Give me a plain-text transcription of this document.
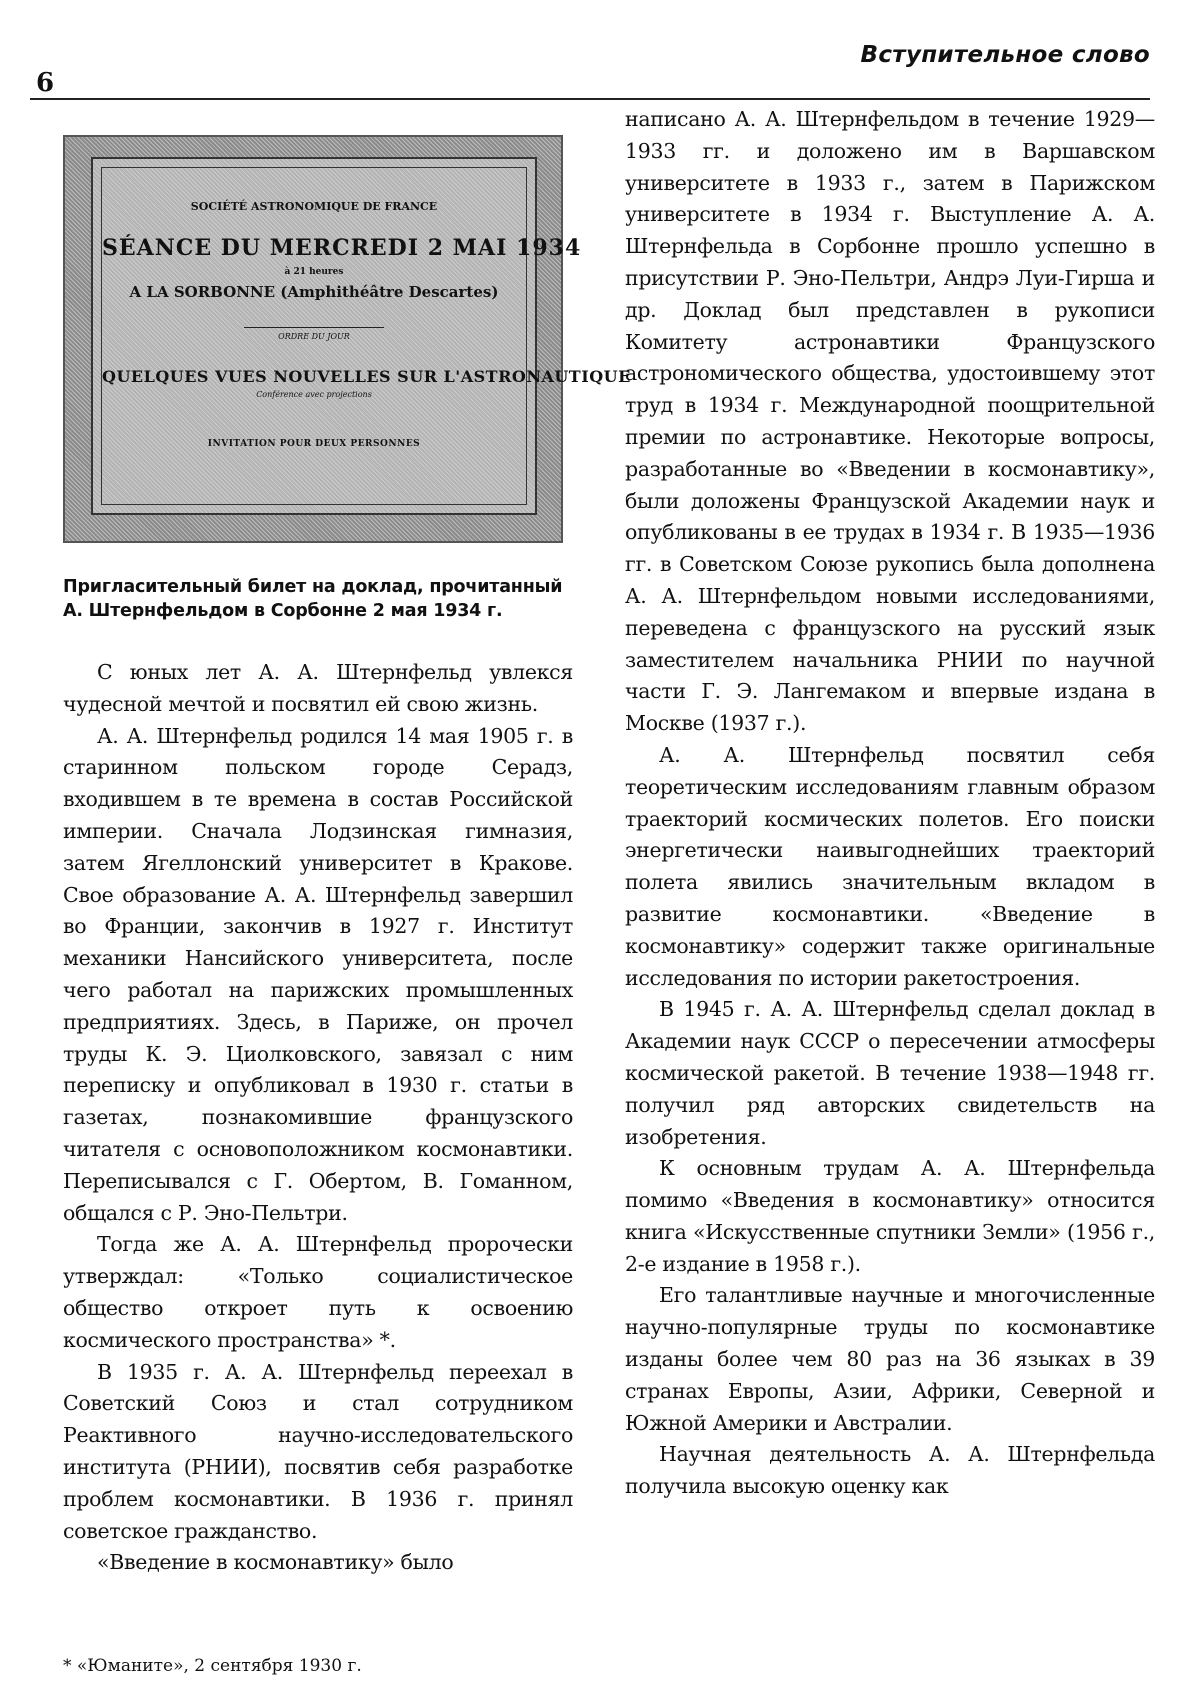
6
Вступительное слово
SOCIÉTÉ ASTRONOMIQUE DE FRANCE
SÉANCE DU MERCREDI 2 MAI 1934
à 21 heures
A LA SORBONNE (Amphithéâtre Descartes)
ORDRE DU JOUR
QUELQUES VUES NOUVELLES SUR L'ASTRONAUTIQUE
Conférence avec projections
INVITATION POUR DEUX PERSONNES
Пригласительный билет на доклад, прочитанный А. Штернфельдом в Сорбонне 2 мая 1934 г.

С юных лет А. А. Штернфельд увлекся чудесной мечтой и посвятил ей свою жизнь.

А. А. Штернфельд родился 14 мая 1905 г. в старинном польском городе Серадз, входившем в те времена в состав Российской империи. Сначала Лодзинская гимназия, затем Ягеллонский университет в Кракове. Свое образование А. А. Штернфельд завершил во Франции, закончив в 1927 г. Институт механики Нансийского университета, после чего работал на парижских промышленных предприятиях. Здесь, в Париже, он прочел труды К. Э. Циолковского, завязал с ним переписку и опубликовал в 1930 г. статьи в газетах, познакомившие французского читателя с основоположником космонавтики. Переписывался с Г. Обертом, В. Гоманном, общался с Р. Эно-Пельтри.

Тогда же А. А. Штернфельд пророчески утверждал: «Только социалистическое общество откроет путь к освоению космического пространства» *.

В 1935 г. А. А. Штернфельд переехал в Советский Союз и стал сотрудником Реактивного научно-исследовательского института (РНИИ), посвятив себя разработке проблем космонавтики. В 1936 г. принял советское гражданство.

«Введение в космонавтику» было

* «Юманите», 2 сентября 1930 г.

написано А. А. Штернфельдом в течение 1929—1933 гг. и доложено им в Варшавском университете в 1933 г., затем в Парижском университете в 1934 г. Выступление А. А. Штернфельда в Сорбонне прошло успешно в присутствии Р. Эно-Пельтри, Андрэ Луи-Гирша и др. Доклад был представлен в рукописи Комитету астронавтики Французского астрономического общества, удостоившему этот труд в 1934 г. Международной поощрительной премии по астронавтике. Некоторые вопросы, разработанные во «Введении в космонавтику», были доложены Французской Академии наук и опубликованы в ее трудах в 1934 г. В 1935—1936 гг. в Советском Союзе рукопись была дополнена А. А. Штернфельдом новыми исследованиями, переведена с французского на русский язык заместителем начальника РНИИ по научной части Г. Э. Лангемаком и впервые издана в Москве (1937 г.).

А. А. Штернфельд посвятил себя теоретическим исследованиям главным образом траекторий космических полетов. Его поиски энергетически наивыгоднейших траекторий полета явились значительным вкладом в развитие космонавтики. «Введение в космонавтику» содержит также оригинальные исследования по истории ракетостроения.

В 1945 г. А. А. Штернфельд сделал доклад в Академии наук СССР о пересечении атмосферы космической ракетой. В течение 1938—1948 гг. получил ряд авторских свидетельств на изобретения.

К основным трудам А. А. Штернфельда помимо «Введения в космонавтику» относится книга «Искусственные спутники Земли» (1956 г., 2-е издание в 1958 г.).

Его талантливые научные и многочисленные научно-популярные труды по космонавтике изданы более чем 80 раз на 36 языках в 39 странах Европы, Азии, Африки, Северной и Южной Америки и Австралии.

Научная деятельность А. А. Штернфельда получила высокую оценку как
